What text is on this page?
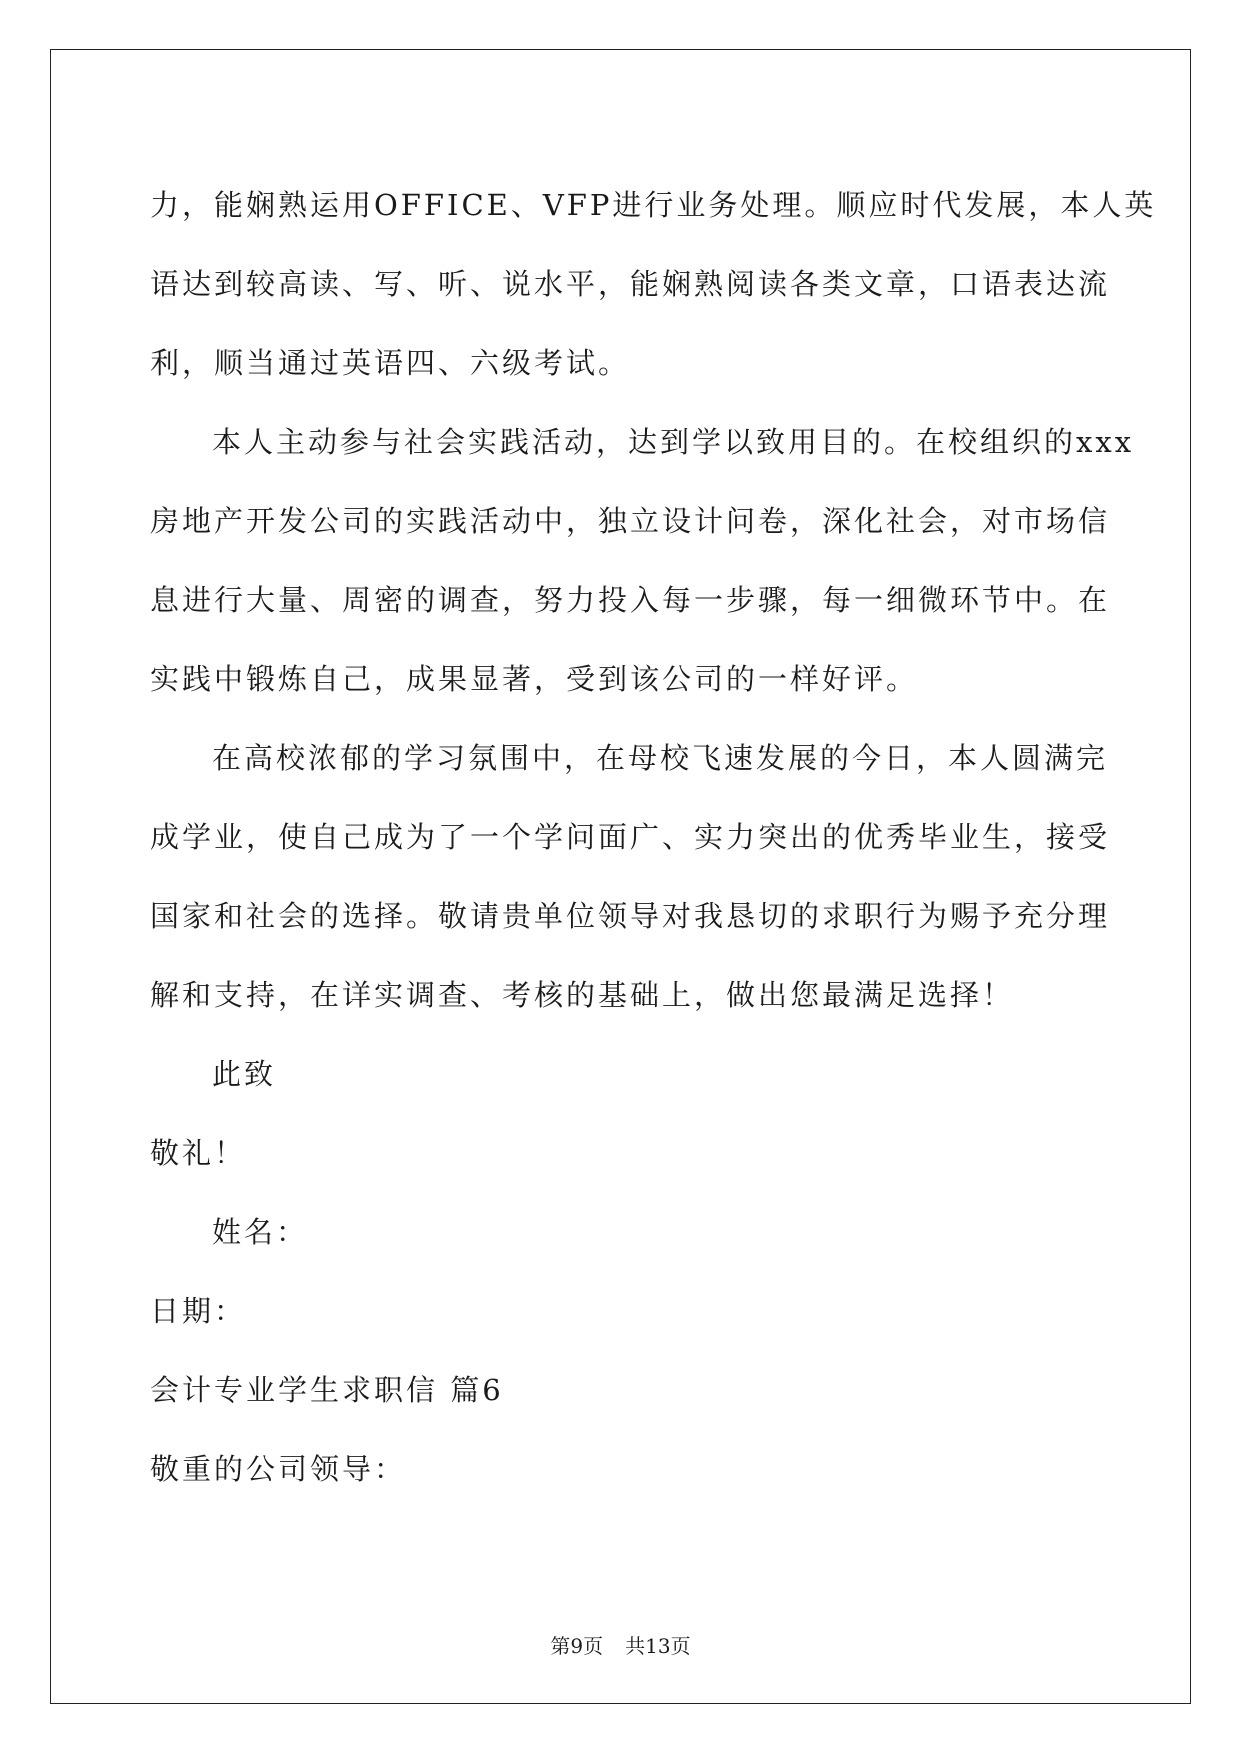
力，能娴熟运用OFFICE、VFP进行业务处理。顺应时代发展，本人英
语达到较高读、写、听、说水平，能娴熟阅读各类文章，口语表达流
利，顺当通过英语四、六级考试。
本人主动参与社会实践活动，达到学以致用目的。在校组织的xxx
房地产开发公司的实践活动中，独立设计问卷，深化社会，对市场信
息进行大量、周密的调查，努力投入每一步骤，每一细微环节中。在
实践中锻炼自己，成果显著，受到该公司的一样好评。
在高校浓郁的学习氛围中，在母校飞速发展的今日，本人圆满完
成学业，使自己成为了一个学问面广、实力突出的优秀毕业生，接受
国家和社会的选择。敬请贵单位领导对我恳切的求职行为赐予充分理
解和支持，在详实调查、考核的基础上，做出您最满足选择！
此致
敬礼！
姓名：
日期：
会计专业学生求职信 篇6
敬重的公司领导：
第9页 共13页
